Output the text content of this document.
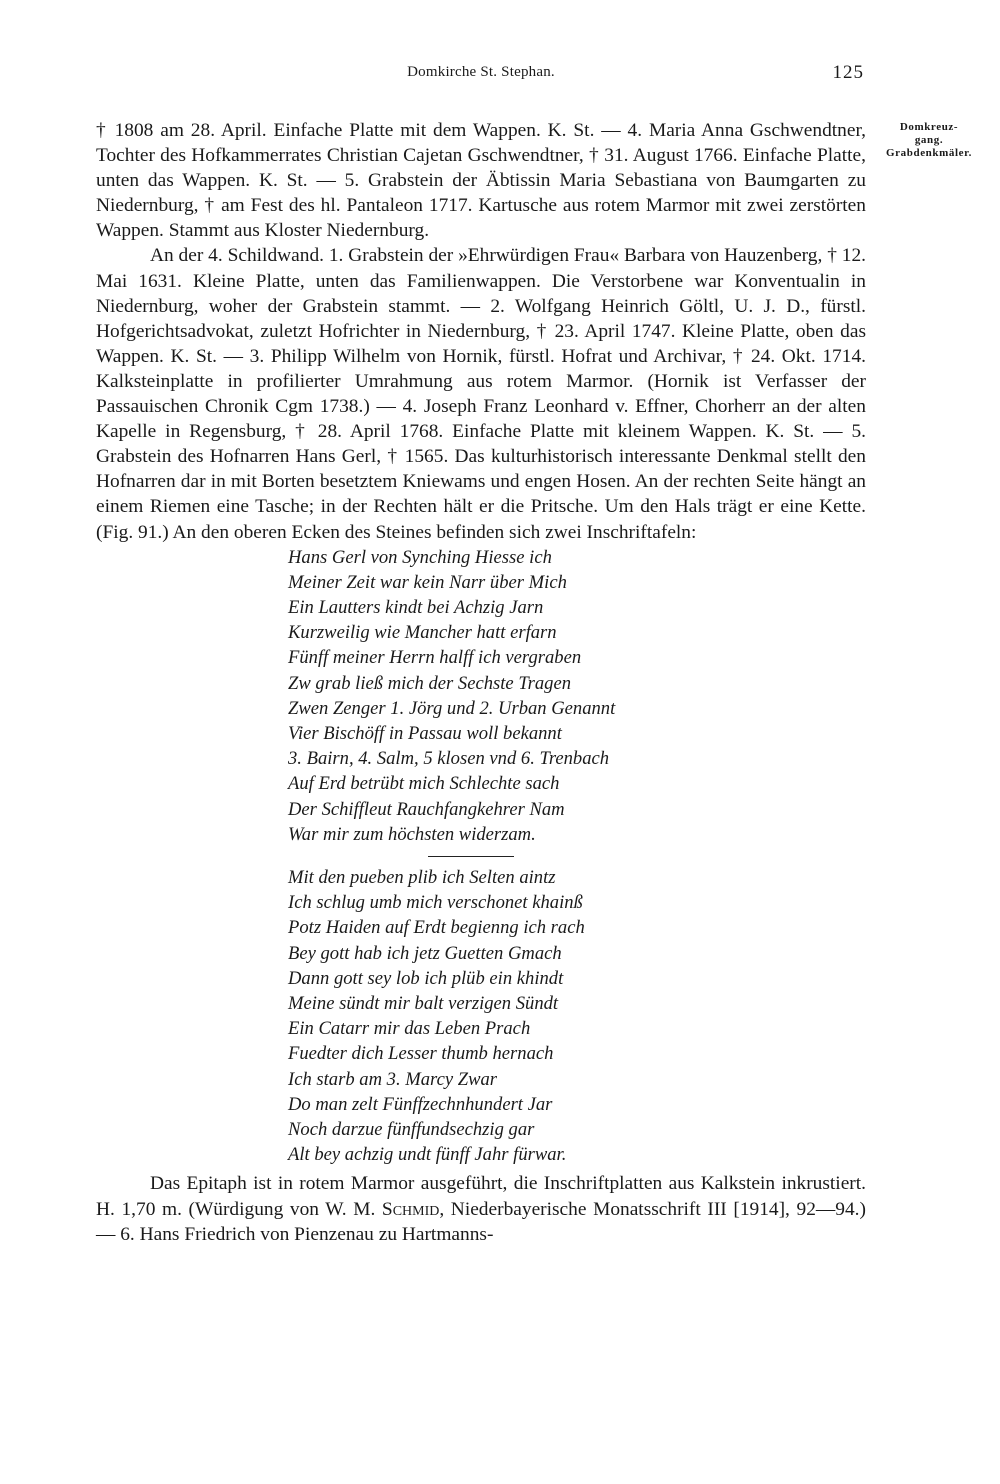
Domkirche St. Stephan.	125
Domkreuz-
gang.
Grabdenkmäler.

† 1808 am 28. April. Einfache Platte mit dem Wappen. K. St. — 4. Maria Anna Gschwendtner, Tochter des Hofkammerrates Christian Cajetan Gschwendtner, † 31. August 1766. Einfache Platte, unten das Wappen. K. St. — 5. Grabstein der Äbtissin Maria Sebastiana von Baumgarten zu Niedernburg, † am Fest des hl. Pantaleon 1717. Kartusche aus rotem Marmor mit zwei zerstörten Wappen. Stammt aus Kloster Niedernburg.

An der 4. Schildwand. 1. Grabstein der »Ehrwürdigen Frau« Barbara von Hauzenberg, † 12. Mai 1631. Kleine Platte, unten das Familienwappen. Die Verstorbene war Konventualin in Niedernburg, woher der Grabstein stammt. — 2. Wolfgang Heinrich Göltl, U. J. D., fürstl. Hofgerichtsadvokat, zuletzt Hofrichter in Niedernburg, † 23. April 1747. Kleine Platte, oben das Wappen. K. St. — 3. Philipp Wilhelm von Hornik, fürstl. Hofrat und Archivar, † 24. Okt. 1714. Kalksteinplatte in profilierter Umrahmung aus rotem Marmor. (Hornik ist Verfasser der Passauischen Chronik Cgm 1738.) — 4. Joseph Franz Leonhard v. Effner, Chorherr an der alten Kapelle in Regensburg, † 28. April 1768. Einfache Platte mit kleinem Wappen. K. St. — 5. Grabstein des Hofnarren Hans Gerl, † 1565. Das kulturhistorisch interessante Denkmal stellt den Hofnarren dar in mit Borten besetztem Kniewams und engen Hosen. An der rechten Seite hängt an einem Riemen eine Tasche; in der Rechten hält er die Pritsche. Um den Hals trägt er eine Kette. (Fig. 91.) An den oberen Ecken des Steines befinden sich zwei Inschriftafeln:

Hans Gerl von Synching Hiesse ich
Meiner Zeit war kein Narr über Mich
Ein Lautters kindt bei Achzig Jarn
Kurzweilig wie Mancher hatt erfarn
Fünff meiner Herrn halff ich vergraben
Zw grab ließ mich der Sechste Tragen
Zwen Zenger 1. Jörg und 2. Urban Genannt
Vier Bischöff in Passau woll bekannt
3. Bairn, 4. Salm, 5 klosen vnd 6. Trenbach
Auf Erd betrübt mich Schlechte sach
Der Schiffleut Rauchfangkehrer Nam
War mir zum höchsten widerzam.
Mit den pueben plib ich Selten aintz
Ich schlug umb mich verschonet khainß
Potz Haiden auf Erdt begienng ich rach
Bey gott hab ich jetz Guetten Gmach
Dann gott sey lob ich plüb ein khindt
Meine sündt mir balt verzigen Sündt
Ein Catarr mir das Leben Prach
Fuedter dich Lesser thumb hernach
Ich starb am 3. Marcy Zwar
Do man zelt Fünffzechnhundert Jar
Noch darzue fünffundsechzig gar
Alt bey achzig undt fünff Jahr fürwar.

Das Epitaph ist in rotem Marmor ausgeführt, die Inschriftplatten aus Kalkstein inkrustiert. H. 1,70 m. (Würdigung von W. M. Schmid, Niederbayerische Monatsschrift III [1914], 92—94.) — 6. Hans Friedrich von Pienzenau zu Hartmanns-
